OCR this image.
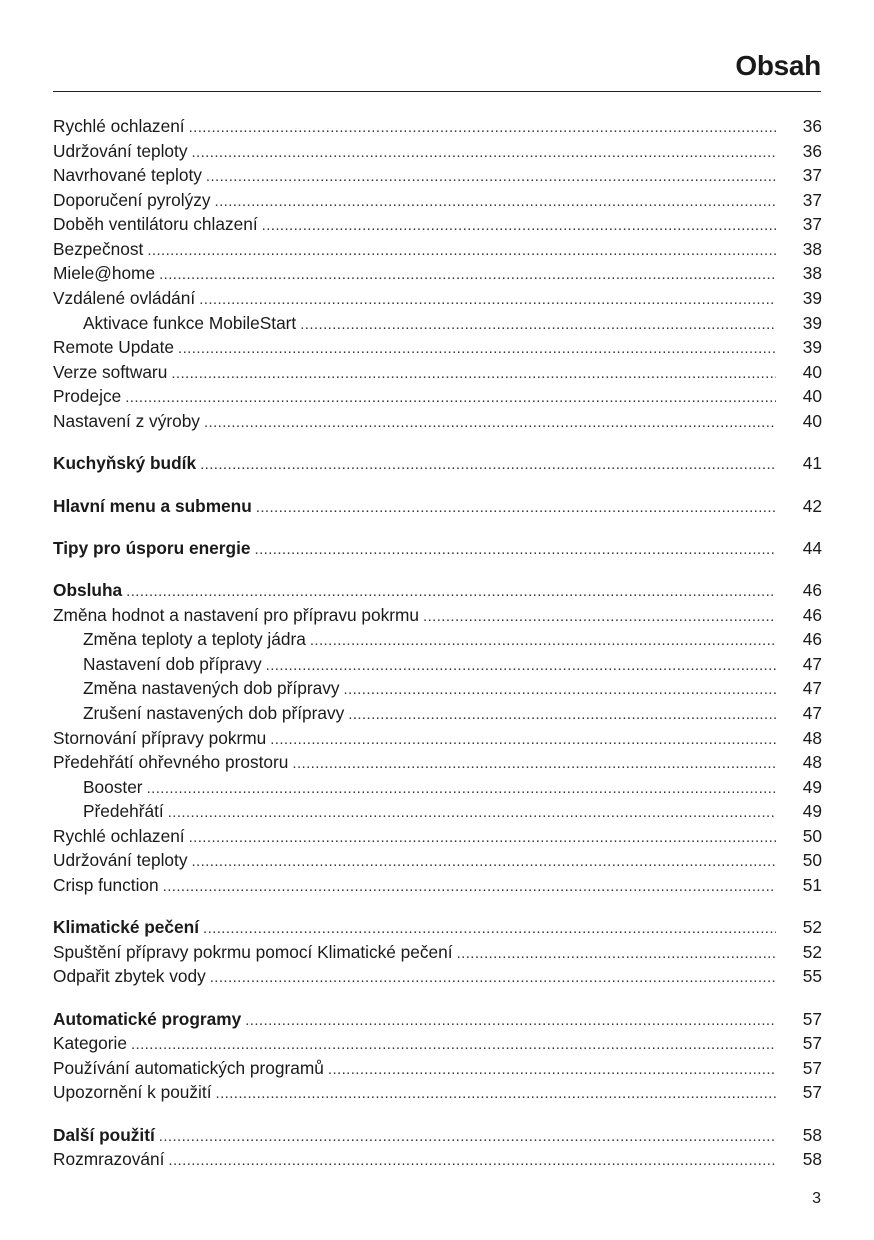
Obsah
Rychlé ochlazení .....	36
Udržování teploty .....	36
Navrhované teploty .....	37
Doporučení pyrolýzy .....	37
Doběh ventilátoru chlazení .....	37
Bezpečnost .....	38
Miele@home .....	38
Vzdálené ovládání .....	39
Aktivace funkce MobileStart .....	39
Remote Update .....	39
Verze softwaru .....	40
Prodejce .....	40
Nastavení z výroby .....	40
Kuchyňský budík .....	41
Hlavní menu a submenu .....	42
Tipy pro úsporu energie .....	44
Obsluha .....	46
Změna hodnot a nastavení pro přípravu pokrmu .....	46
Změna teploty a teploty jádra .....	46
Nastavení dob přípravy .....	47
Změna nastavených dob přípravy .....	47
Zrušení nastavených dob přípravy .....	47
Stornování přípravy pokrmu .....	48
Předehřátí ohřevného prostoru .....	48
Booster .....	49
Předehřátí .....	49
Rychlé ochlazení .....	50
Udržování teploty .....	50
Crisp function .....	51
Klimatické pečení .....	52
Spuštění přípravy pokrmu pomocí Klimatické pečení .....	52
Odpařit zbytek vody .....	55
Automatické programy .....	57
Kategorie .....	57
Používání automatických programů .....	57
Upozornění k použití .....	57
Další použití .....	58
Rozmrazování .....	58
3
